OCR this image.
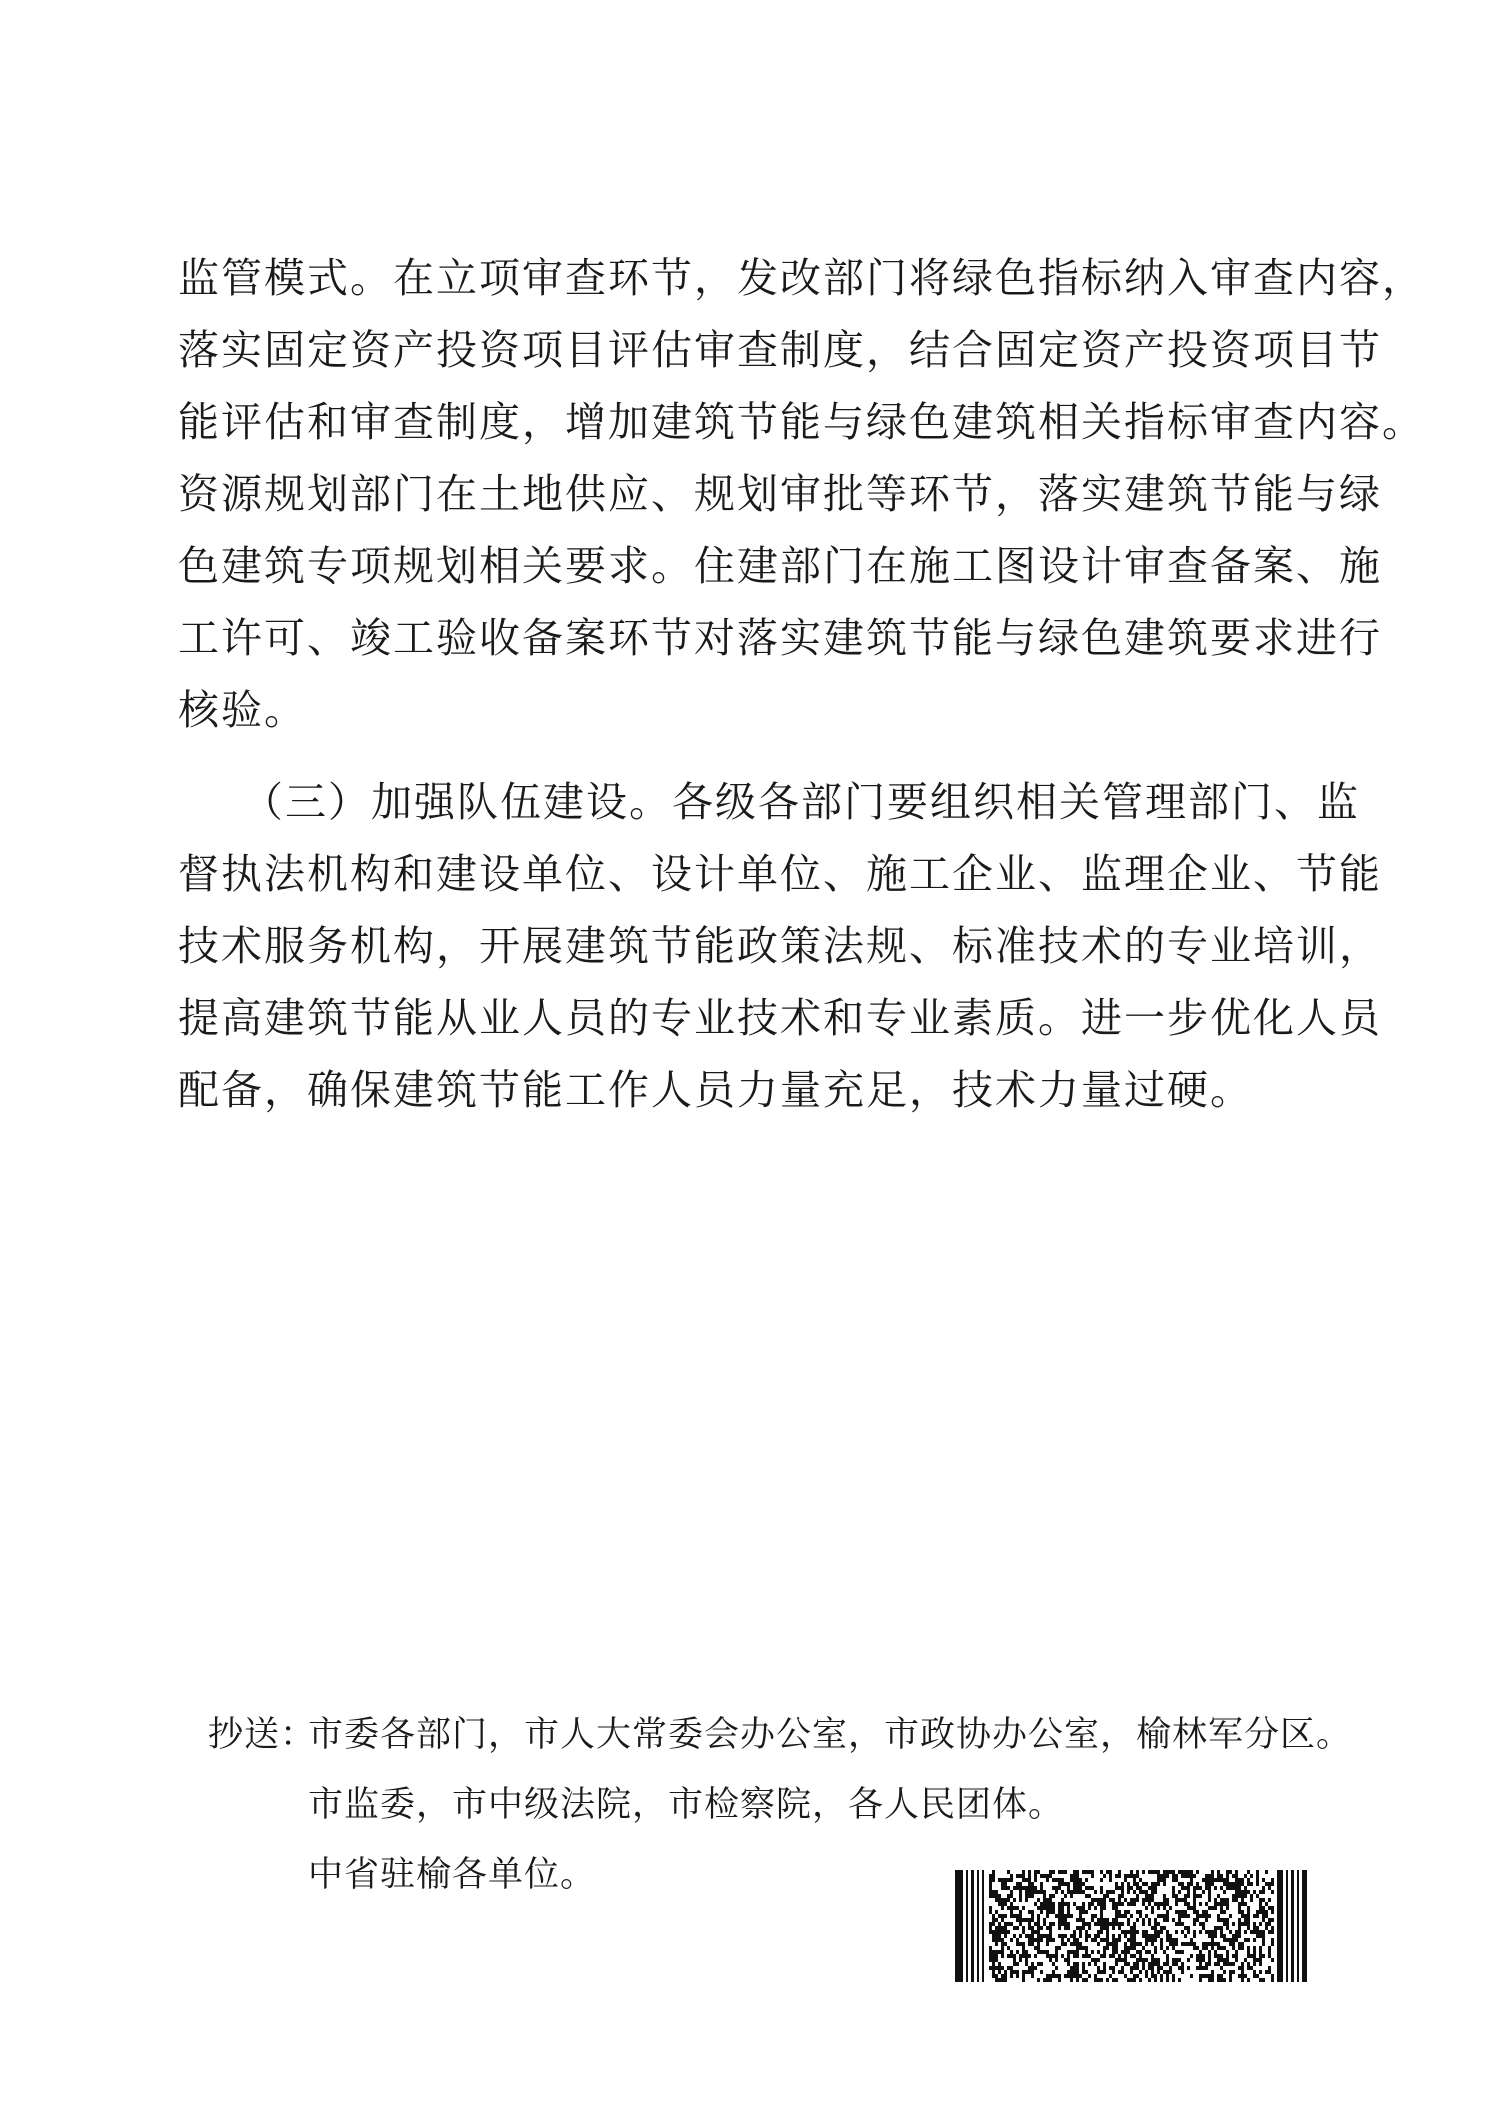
监管模式。在立项审查环节，发改部门将绿色指标纳入审查内容，
落实固定资产投资项目评估审查制度，结合固定资产投资项目节
能评估和审查制度，增加建筑节能与绿色建筑相关指标审查内容。
资源规划部门在土地供应、规划审批等环节，落实建筑节能与绿
色建筑专项规划相关要求。住建部门在施工图设计审查备案、施
工许可、竣工验收备案环节对落实建筑节能与绿色建筑要求进行
核验。
（三）加强队伍建设。各级各部门要组织相关管理部门、监
督执法机构和建设单位、设计单位、施工企业、监理企业、节能
技术服务机构，开展建筑节能政策法规、标准技术的专业培训，
提高建筑节能从业人员的专业技术和专业素质。进一步优化人员
配备，确保建筑节能工作人员力量充足，技术力量过硬。
抄送：
市委各部门，市人大常委会办公室，市政协办公室，榆林军分区。
市监委，市中级法院，市检察院，各人民团体。
中省驻榆各单位。
